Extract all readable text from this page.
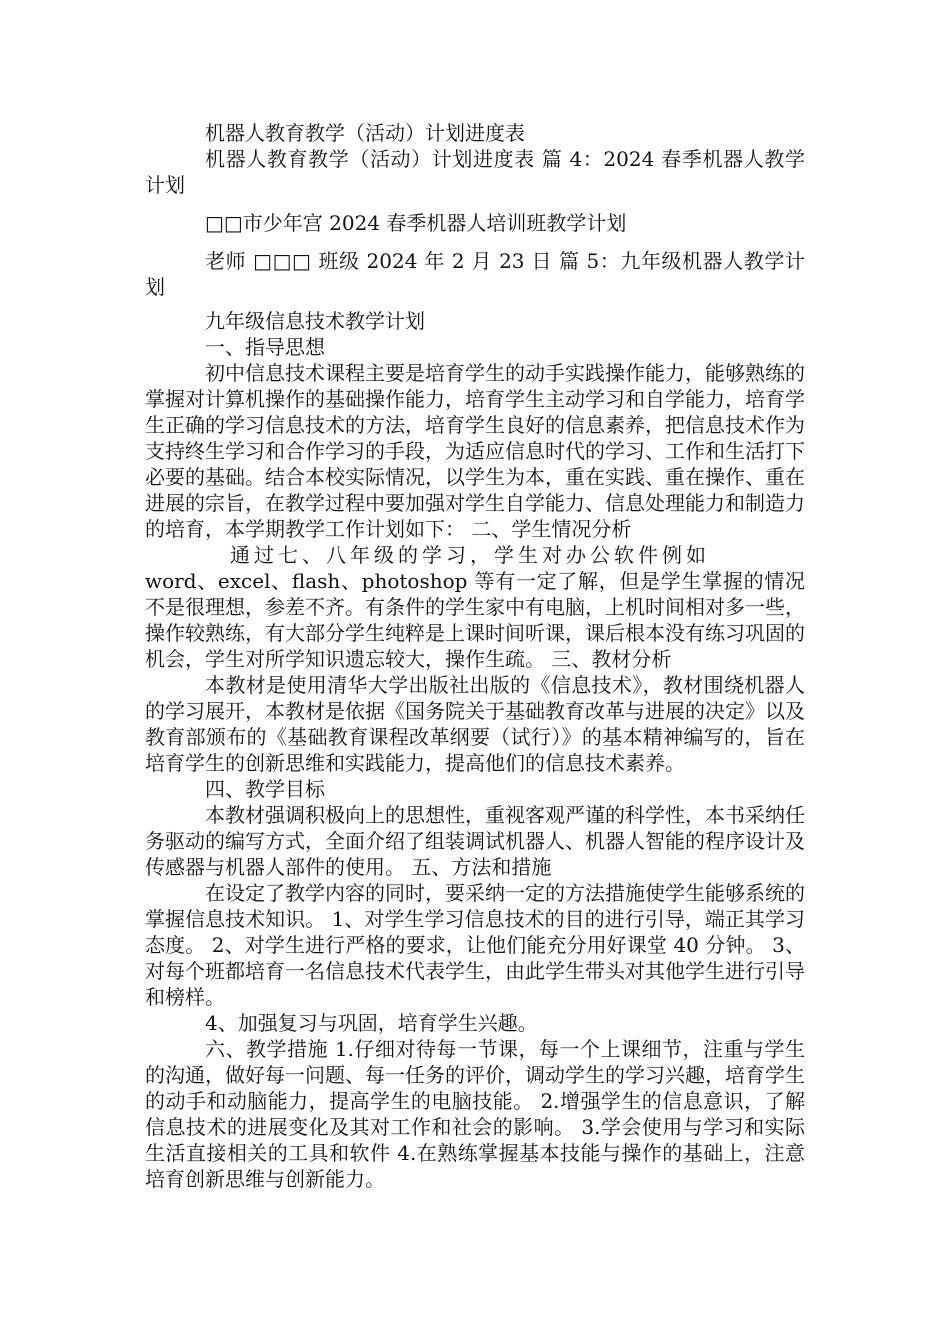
机器人教育教学（活动）计划进度表

机器人教育教学（活动）计划进度表 篇 4：2024 春季机器人教学计划

□□市少年宫 2024 春季机器人培训班教学计划

老师 □□□ 班级 2024 年 2 月 23 日 篇 5：九年级机器人教学计划

九年级信息技术教学计划

一、指导思想

初中信息技术课程主要是培育学生的动手实践操作能力，能够熟练的掌握对计算机操作的基础操作能力，培育学生主动学习和自学能力，培育学生正确的学习信息技术的方法，培育学生良好的信息素养，把信息技术作为支持终生学习和合作学习的手段，为适应信息时代的学习、工作和生活打下必要的基础。结合本校实际情况，以学生为本，重在实践、重在操作、重在进展的宗旨，在教学过程中要加强对学生自学能力、信息处理能力和制造力的培育，本学期教学工作计划如下： 二、学生情况分析

通过七、八年级的学习，学生对办公软件例如

word、excel、flash、photoshop 等有一定了解，但是学生掌握的情况不是很理想，参差不齐。有条件的学生家中有电脑，上机时间相对多一些，操作较熟练，有大部分学生纯粹是上课时间听课，课后根本没有练习巩固的机会，学生对所学知识遗忘较大，操作生疏。 三、教材分析

本教材是使用清华大学出版社出版的《信息技术》，教材围绕机器人的学习展开，本教材是依据《国务院关于基础教育改革与进展的决定》以及教育部颁布的《基础教育课程改革纲要（试行）》的基本精神编写的，旨在培育学生的创新思维和实践能力，提高他们的信息技术素养。

四、教学目标

本教材强调积极向上的思想性，重视客观严谨的科学性，本书采纳任务驱动的编写方式，全面介绍了组装调试机器人、机器人智能的程序设计及传感器与机器人部件的使用。 五、方法和措施

在设定了教学内容的同时，要采纳一定的方法措施使学生能够系统的掌握信息技术知识。 1、对学生学习信息技术的目的进行引导，端正其学习态度。 2、对学生进行严格的要求，让他们能充分用好课堂 40 分钟。 3、对每个班都培育一名信息技术代表学生，由此学生带头对其他学生进行引导和榜样。

4、加强复习与巩固，培育学生兴趣。

六、教学措施 1.仔细对待每一节课，每一个上课细节，注重与学生的沟通，做好每一问题、每一任务的评价，调动学生的学习兴趣，培育学生的动手和动脑能力，提高学生的电脑技能。 2.增强学生的信息意识，了解信息技术的进展变化及其对工作和社会的影响。 3.学会使用与学习和实际生活直接相关的工具和软件 4.在熟练掌握基本技能与操作的基础上，注意培育创新思维与创新能力。
